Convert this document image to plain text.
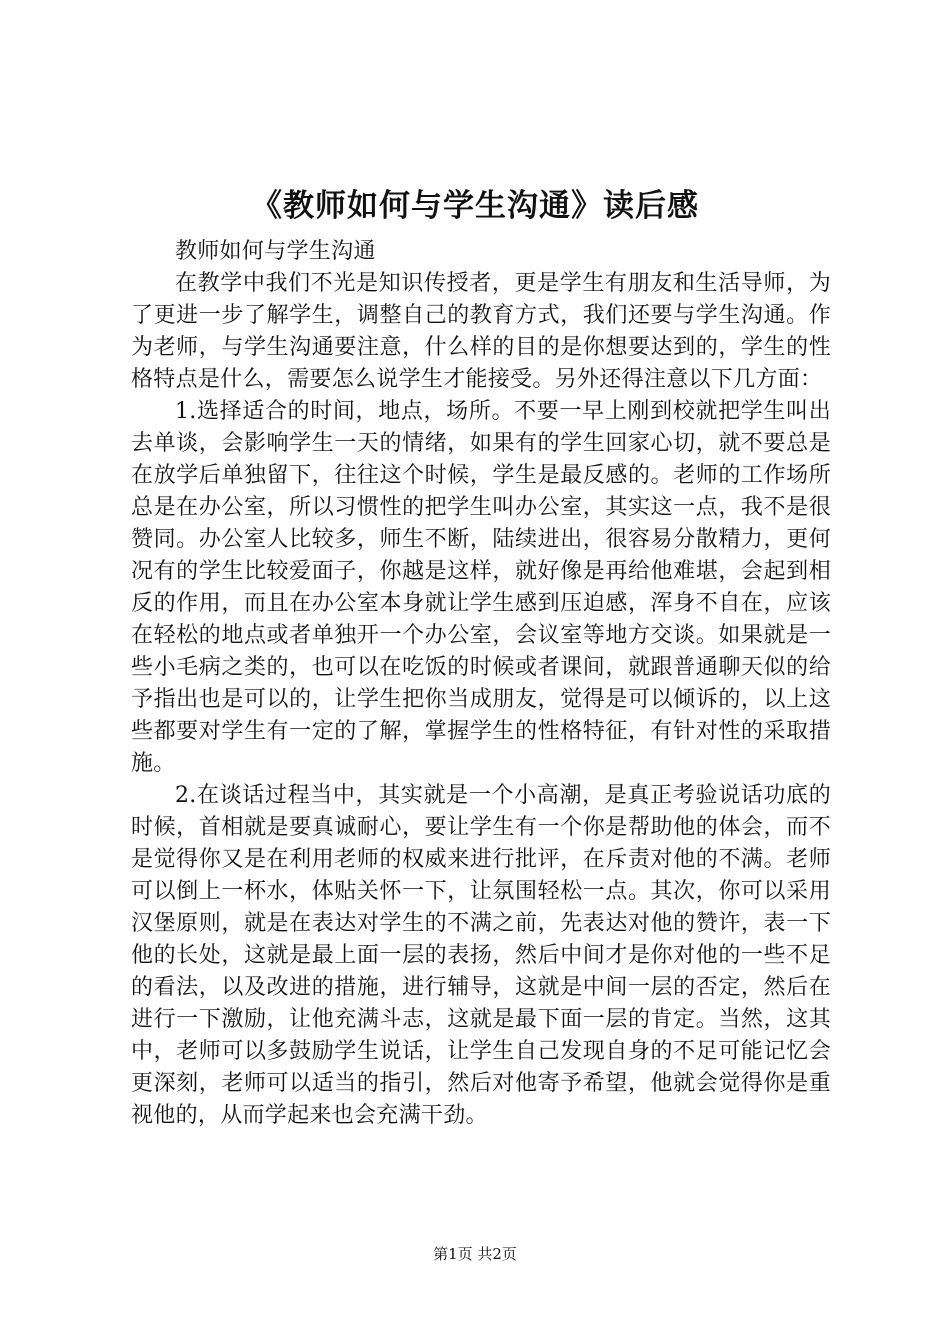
《教师如何与学生沟通》读后感

教师如何与学生沟通

在教学中我们不光是知识传授者，更是学生有朋友和生活导师，为了更进一步了解学生，调整自己的教育方式，我们还要与学生沟通。作为老师，与学生沟通要注意，什么样的目的是你想要达到的，学生的性格特点是什么，需要怎么说学生才能接受。另外还得注意以下几方面：

1.选择适合的时间，地点，场所。不要一早上刚到校就把学生叫出去单谈，会影响学生一天的情绪，如果有的学生回家心切，就不要总是在放学后单独留下，往往这个时候，学生是最反感的。老师的工作场所总是在办公室，所以习惯性的把学生叫办公室，其实这一点，我不是很赞同。办公室人比较多，师生不断，陆续进出，很容易分散精力，更何况有的学生比较爱面子，你越是这样，就好像是再给他难堪，会起到相反的作用，而且在办公室本身就让学生感到压迫感，浑身不自在，应该在轻松的地点或者单独开一个办公室，会议室等地方交谈。如果就是一些小毛病之类的，也可以在吃饭的时候或者课间，就跟普通聊天似的给予指出也是可以的，让学生把你当成朋友，觉得是可以倾诉的，以上这些都要对学生有一定的了解，掌握学生的性格特征，有针对性的采取措施。

2.在谈话过程当中，其实就是一个小高潮，是真正考验说话功底的时候，首相就是要真诚耐心，要让学生有一个你是帮助他的体会，而不是觉得你又是在利用老师的权威来进行批评，在斥责对他的不满。老师可以倒上一杯水，体贴关怀一下，让氛围轻松一点。其次，你可以采用汉堡原则，就是在表达对学生的不满之前，先表达对他的赞许，表一下他的长处，这就是最上面一层的表扬，然后中间才是你对他的一些不足的看法，以及改进的措施，进行辅导，这就是中间一层的否定，然后在进行一下激励，让他充满斗志，这就是最下面一层的肯定。当然，这其中，老师可以多鼓励学生说话，让学生自己发现自身的不足可能记忆会更深刻，老师可以适当的指引，然后对他寄予希望，他就会觉得你是重视他的，从而学起来也会充满干劲。

第1页 共2页
